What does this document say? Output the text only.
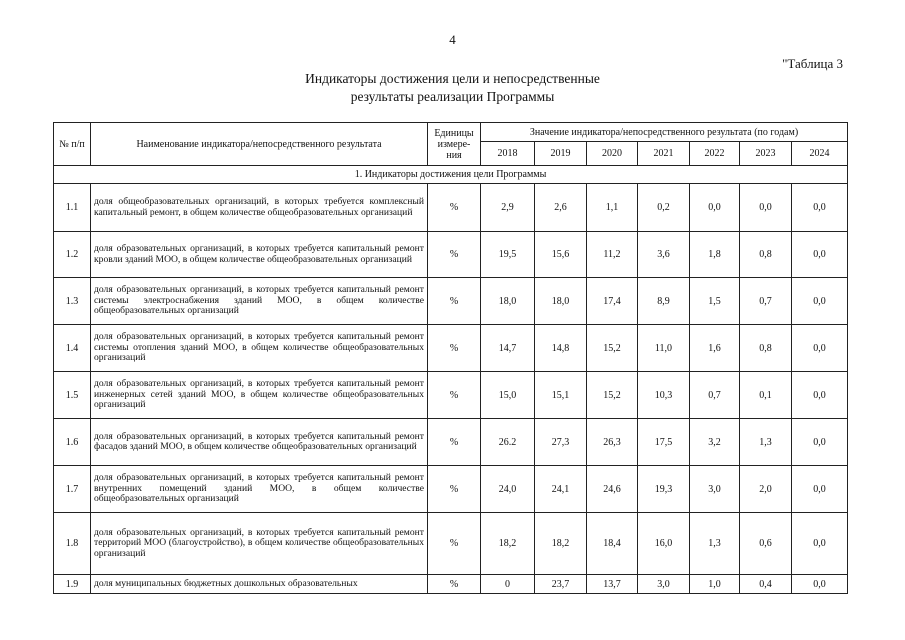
4
"Таблица 3
Индикаторы достижения цели и непосредственные
результаты реализации Программы
№ п/п	Наименование индикатора/непосредственного результата	Единицы измере-ния	Значение индикатора/непосредственного результата (по годам)						
			2018	2019	2020	2021	2022	2023	2024
1. Индикаторы достижения цели Программы									
1.1	доля общеобразовательных организаций, в которых требуется комплексный капитальный ремонт, в общем количестве общеобразовательных организаций	%	2,9	2,6	1,1	0,2	0,0	0,0	0,0
1.2	доля образовательных организаций, в которых требуется капитальный ремонт кровли зданий МОО, в общем количестве общеобразовательных организаций	%	19,5	15,6	11,2	3,6	1,8	0,8	0,0
1.3	доля образовательных организаций, в которых требуется капитальный ремонт системы электроснабжения зданий МОО, в общем количестве общеобразовательных организаций	%	18,0	18,0	17,4	8,9	1,5	0,7	0,0
1.4	доля образовательных организаций, в которых требуется капитальный ремонт системы отопления зданий МОО, в общем количестве общеобразовательных организаций	%	14,7	14,8	15,2	11,0	1,6	0,8	0,0
1.5	доля образовательных организаций, в которых требуется капитальный ремонт инженерных сетей зданий МОО, в общем количестве общеобразовательных организаций	%	15,0	15,1	15,2	10,3	0,7	0,1	0,0
1.6	доля образовательных организаций, в которых требуется капитальный ремонт фасадов зданий МОО, в общем количестве общеобразовательных организаций	%	26.2	27,3	26,3	17,5	3,2	1,3	0,0
1.7	доля образовательных организаций, в которых требуется капитальный ремонт внутренних помещений зданий МОО, в общем количестве общеобразовательных организаций	%	24,0	24,1	24,6	19,3	3,0	2,0	0,0
1.8	доля образовательных организаций, в которых требуется капитальный ремонт территорий МОО (благоустройство), в общем количестве общеобразовательных организаций	%	18,2	18,2	18,4	16,0	1,3	0,6	0,0
1.9	доля муниципальных бюджетных дошкольных образовательных	%	0	23,7	13,7	3,0	1,0	0,4	0,0
